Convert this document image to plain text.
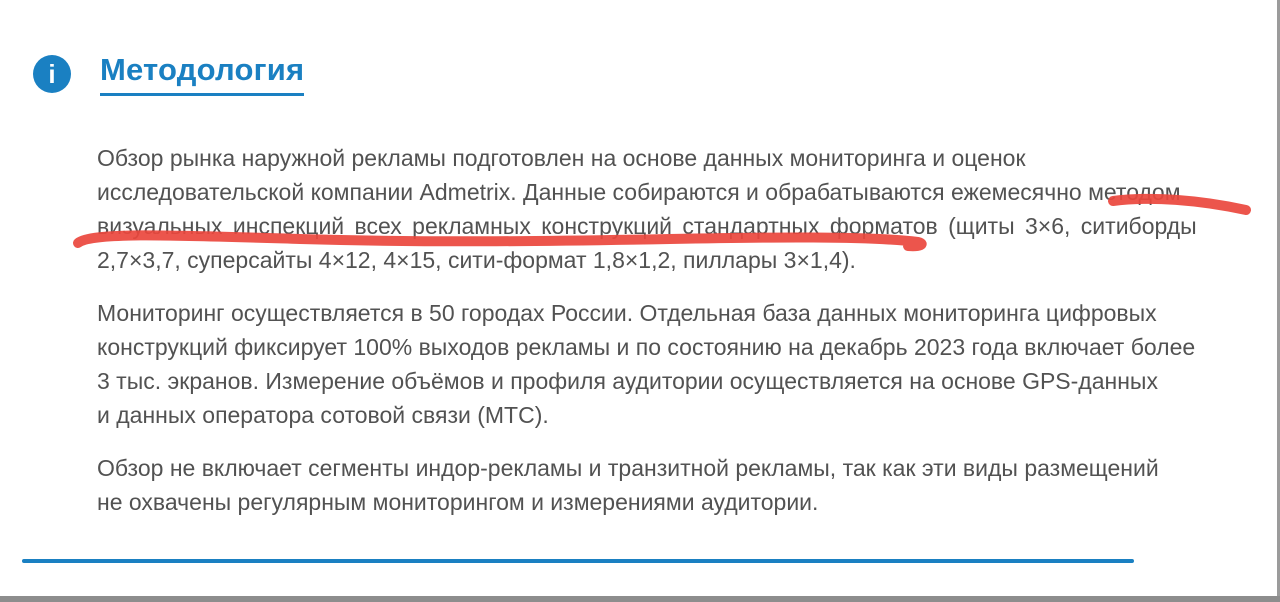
i Методология
Обзор рынка наружной рекламы подготовлен на основе данных мониторинга и оценок
исследовательской компании Admetrix. Данные собираются и обрабатываются ежемесячно методом
визуальных инспекций всех рекламных конструкций стандартных форматов (щиты 3×6, ситиборды
2,7×3,7, суперсайты 4×12, 4×15, сити-формат 1,8×1,2, пиллары 3×1,4).
Мониторинг осуществляется в 50 городах России. Отдельная база данных мониторинга цифровых
конструкций фиксирует 100% выходов рекламы и по состоянию на декабрь 2023 года включает более
3 тыс. экранов. Измерение объёмов и профиля аудитории осуществляется на основе GPS-данных
и данных оператора сотовой связи (МТС).
Обзор не включает сегменты индор-рекламы и транзитной рекламы, так как эти виды размещений
не охвачены регулярным мониторингом и измерениями аудитории.
